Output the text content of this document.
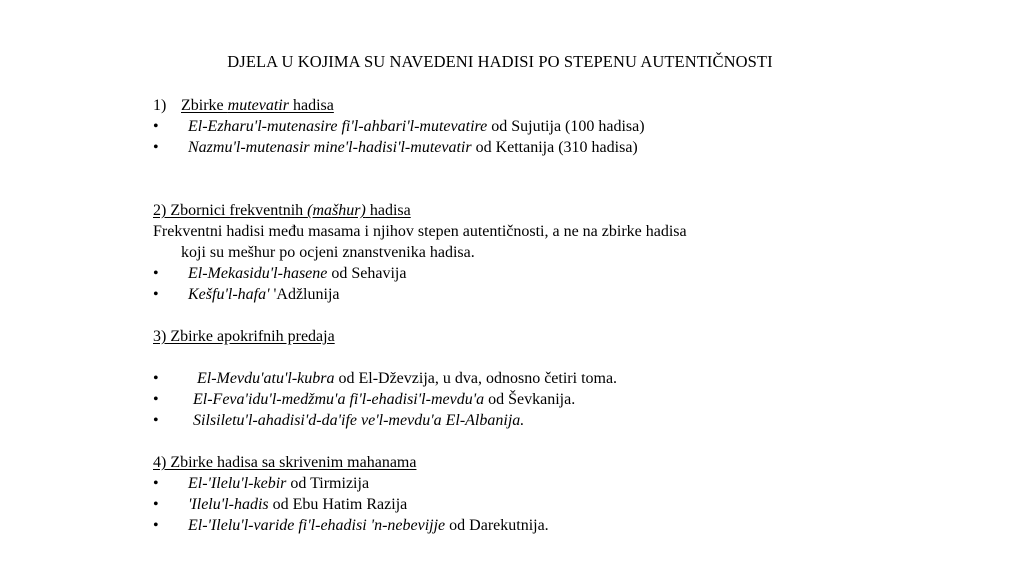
DJELA U KOJIMA SU NAVEDENI HADISI PO STEPENU AUTENTIČNOSTI
1) Zbirke mutevatir hadisa
• El-Ezharu'l-mutenasire fi'l-ahbari'l-mutevatire od Sujutija (100 hadisa)
• Nazmu'l-mutenasir mine'l-hadisi'l-mutevatir od Kettanija (310 hadisa)
2) Zbornici frekventnih (mašhur) hadisa
Frekventni hadisi među masama i njihov stepen autentičnosti, a ne na zbirke hadisa
koji su mešhur po ocjeni znanstvenika hadisa.
• El-Mekasidu'l-hasene od Sehavija
• Kešfu'l-hafa' 'Adžlunija
3) Zbirke apokrifnih predaja
• El-Mevdu'atu'l-kubra od El-Dževzija, u dva, odnosno četiri toma.
• El-Feva'idu'l-medžmu'a fi'l-ehadisi'l-mevdu'a od Ševkanija.
• Silsiletu'l-ahadisi'd-da'ife ve'l-mevdu'a El-Albanija.
4) Zbirke hadisa sa skrivenim mahanama
• El-'Ilelu'l-kebir od Tirmizija
• 'Ilelu'l-hadis od Ebu Hatim Razija
• El-'Ilelu'l-varide fi'l-ehadisi 'n-nebevijje od Darekutnija.
